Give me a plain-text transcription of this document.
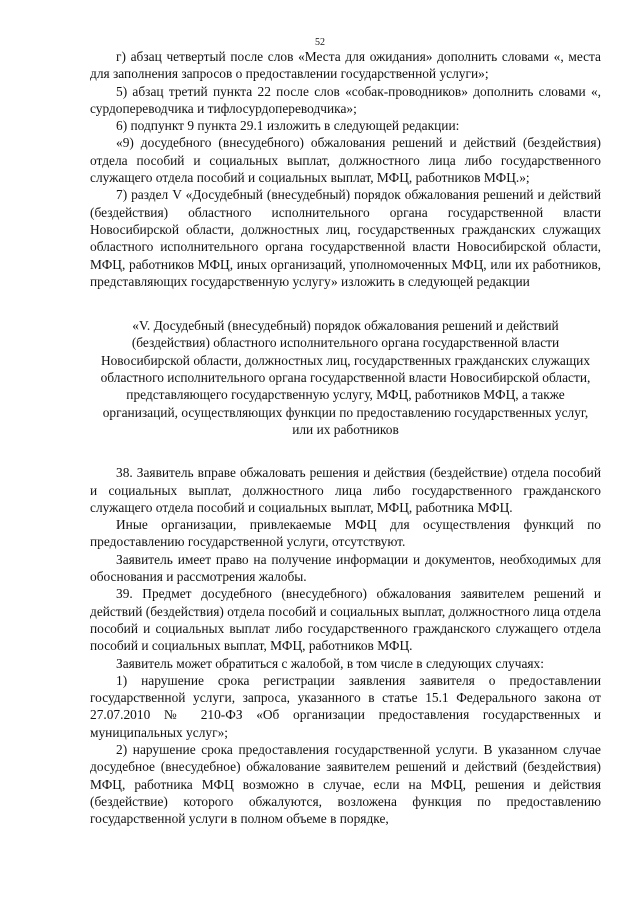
52

г) абзац четвертый после слов «Места для ожидания» дополнить словами «, места для заполнения запросов о предоставлении государственной услуги»;

5) абзац третий пункта 22 после слов «собак-проводников» дополнить словами «, сурдопереводчика и тифлосурдопереводчика»;

6) подпункт 9 пункта 29.1 изложить в следующей редакции:

«9) досудебного (внесудебного) обжалования решений и действий (бездействия) отдела пособий и социальных выплат, должностного лица либо государственного служащего отдела пособий и социальных выплат, МФЦ, работников МФЦ.»;

7) раздел V «Досудебный (внесудебный) порядок обжалования решений и действий (бездействия) областного исполнительного органа государственной власти Новосибирской области, должностных лиц, государственных гражданских служащих областного исполнительного органа государственной власти Новосибирской области, МФЦ, работников МФЦ, иных организаций, уполномоченных МФЦ, или их работников, представляющих государственную услугу» изложить в следующей редакции

«V. Досудебный (внесудебный) порядок обжалования решений и действий (бездействия) областного исполнительного органа государственной власти Новосибирской области, должностных лиц, государственных гражданских служащих областного исполнительного органа государственной власти Новосибирской области, представляющего государственную услугу, МФЦ, работников МФЦ, а также организаций, осуществляющих функции по предоставлению государственных услуг, или их работников

38. Заявитель вправе обжаловать решения и действия (бездействие) отдела пособий и социальных выплат, должностного лица либо государственного гражданского служащего отдела пособий и социальных выплат, МФЦ, работника МФЦ.

Иные организации, привлекаемые МФЦ для осуществления функций по предоставлению государственной услуги, отсутствуют.

Заявитель имеет право на получение информации и документов, необходимых для обоснования и рассмотрения жалобы.

39. Предмет досудебного (внесудебного) обжалования заявителем решений и действий (бездействия) отдела пособий и социальных выплат, должностного лица отдела пособий и социальных выплат либо государственного гражданского служащего отдела пособий и социальных выплат, МФЦ, работников МФЦ.

Заявитель может обратиться с жалобой, в том числе в следующих случаях:

1) нарушение срока регистрации заявления заявителя о предоставлении государственной услуги, запроса, указанного в статье 15.1 Федерального закона от 27.07.2010 № 210-ФЗ «Об организации предоставления государственных и муниципальных услуг»;

2) нарушение срока предоставления государственной услуги. В указанном случае досудебное (внесудебное) обжалование заявителем решений и действий (бездействия) МФЦ, работника МФЦ возможно в случае, если на МФЦ, решения и действия (бездействие) которого обжалуются, возложена функция по предоставлению государственной услуги в полном объеме в порядке,
